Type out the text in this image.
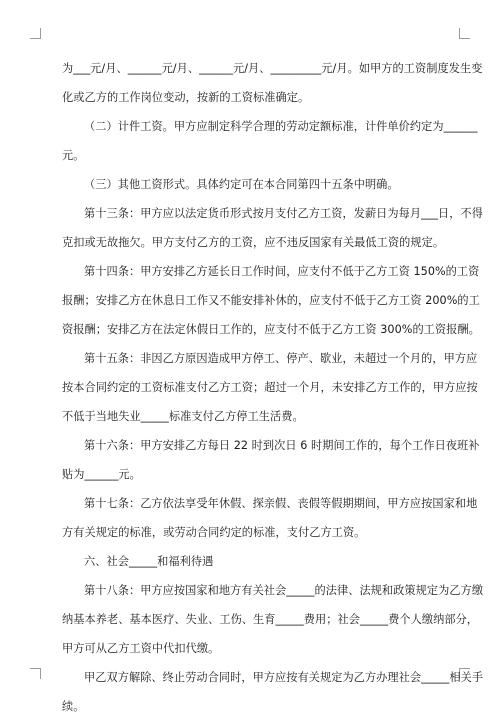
为___元/月、______元/月、______元/月、_________元/月。如甲方的工资制度发生变
化或乙方的工作岗位变动，按新的工资标准确定。
（二）计件工资。甲方应制定科学合理的劳动定额标准，计件单价约定为______
元。
（三）其他工资形式。具体约定可在本合同第四十五条中明确。
第十三条：甲方应以法定货币形式按月支付乙方工资，发薪日为每月___日，不得
克扣或无故拖欠。甲方支付乙方的工资，应不违反国家有关最低工资的规定。
第十四条：甲方安排乙方延长日工作时间，应支付不低于乙方工资 150%的工资
报酬；安排乙方在休息日工作又不能安排补休的，应支付不低于乙方工资 200%的工
资报酬；安排乙方在法定休假日工作的，应支付不低于乙方工资 300%的工资报酬。
第十五条：非因乙方原因造成甲方停工、停产、歇业，未超过一个月的，甲方应
按本合同约定的工资标准支付乙方工资；超过一个月，未安排乙方工作的，甲方应按
不低于当地失业_____标准支付乙方停工生活费。
第十六条：甲方安排乙方每日 22 时到次日 6 时期间工作的，每个工作日夜班补
贴为______元。
第十七条：乙方依法享受年休假、探亲假、丧假等假期期间，甲方应按国家和地
方有关规定的标准，或劳动合同约定的标准，支付乙方工资。
六、社会_____和福利待遇
第十八条：甲方应按国家和地方有关社会_____的法律、法规和政策规定为乙方缴
纳基本养老、基本医疗、失业、工伤、生育_____费用；社会_____费个人缴纳部分，
甲方可从乙方工资中代扣代缴。
甲乙双方解除、终止劳动合同时，甲方应按有关规定为乙方办理社会_____相关手
续。
